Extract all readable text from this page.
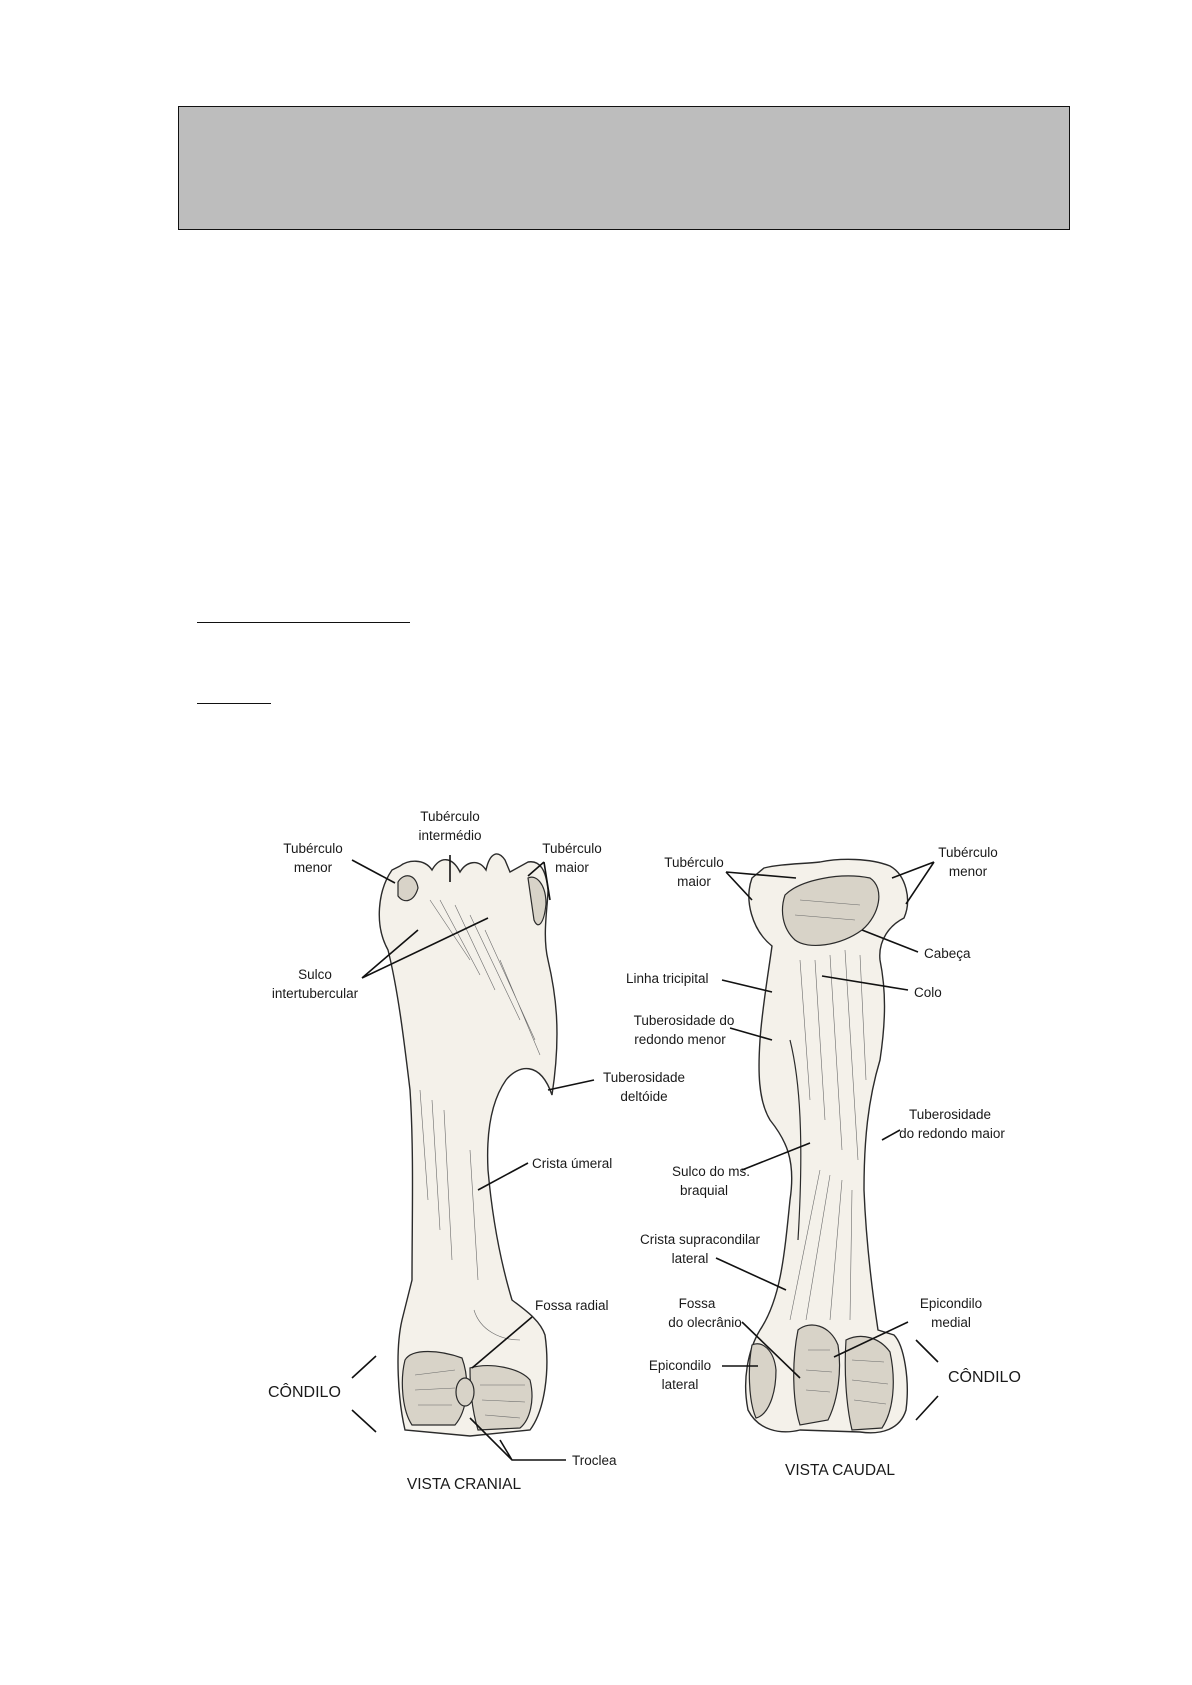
Tubérculo
menor
Tubérculo
intermédio
Tubérculo
maior
Sulco
intertubercular
Tuberosidade
deltóide
Crista úmeral
Fossa radial
CÔNDILO
Troclea
VISTA CRANIAL
Tubérculo
maior
Tubérculo
menor
Cabeça
Colo
Linha tricipital
Tuberosidade do
redondo menor
Tuberosidade
do redondo maior
Sulco do ms.
braquial
Crista supracondilar
lateral
Fossa
do olecrânio
Epicondilo
medial
Epicondilo
lateral	CÔNDILO
VISTA CAUDAL
